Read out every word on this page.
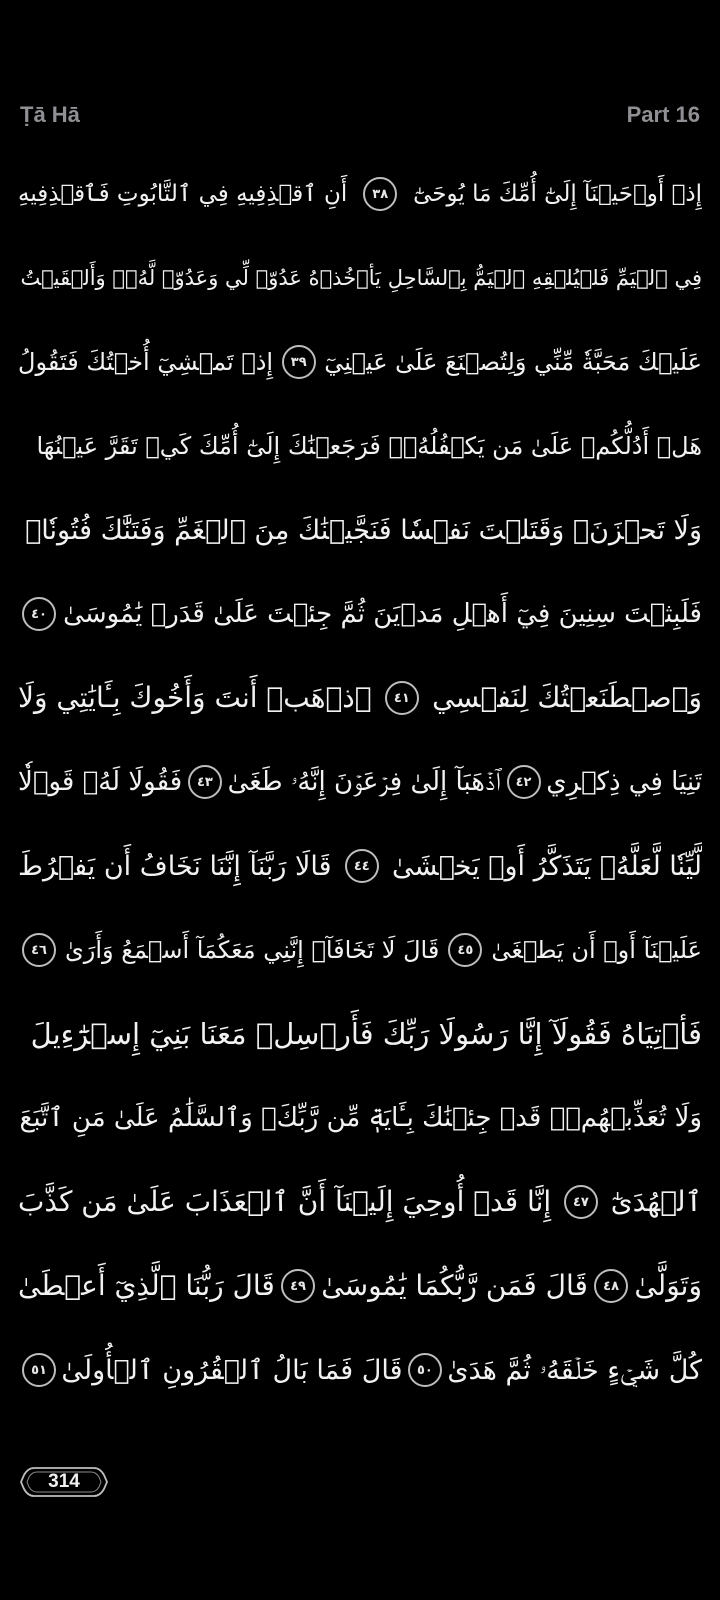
Ṭā Hā	Part 16
إِذۡ أَوۡحَيۡنَآ إِلَىٰٓ أُمِّكَ مَا يُوحَىٰٓ
٣٨
أَنِ ٱقۡذِفِيهِ فِي ٱلتَّابُوتِ فَٱقۡذِفِيهِ
فِي ٱلۡيَمِّ فَلۡيُلۡقِهِ ٱلۡيَمُّ بِٱلسَّاحِلِ يَأۡخُذۡهُ عَدُوّٞ لِّي وَعَدُوّٞ لَّهُۥۚ وَأَلۡقَيۡتُ
عَلَيۡكَ مَحَبَّةٗ مِّنِّي وَلِتُصۡنَعَ عَلَىٰ عَيۡنِيٓ
٣٩
إِذۡ تَمۡشِيٓ أُخۡتُكَ فَتَقُولُ
هَلۡ أَدُلُّكُمۡ عَلَىٰ مَن يَكۡفُلُهُۥۖ فَرَجَعۡنَٰكَ إِلَىٰٓ أُمِّكَ كَيۡ تَقَرَّ عَيۡنُهَا
وَلَا تَحۡزَنَۚ وَقَتَلۡتَ نَفۡسٗا فَنَجَّيۡنَٰكَ مِنَ ٱلۡغَمِّ وَفَتَنَّٰكَ فُتُونٗاۚ
فَلَبِثۡتَ سِنِينَ فِيٓ أَهۡلِ مَدۡيَنَ ثُمَّ جِئۡتَ عَلَىٰ قَدَرٖ يَٰمُوسَىٰ
٤٠
وَٱصۡطَنَعۡتُكَ لِنَفۡسِي
٤١
ٱذۡهَبۡ أَنتَ وَأَخُوكَ بِـَٔايَٰتِي وَلَا
تَنِيَا فِي ذِكۡرِي
٤٢
ٱذۡهَبَآ إِلَىٰ فِرۡعَوۡنَ إِنَّهُۥ طَغَىٰ
٤٣
فَقُولَا لَهُۥ قَوۡلٗا
لَّيِّنٗا لَّعَلَّهُۥ يَتَذَكَّرُ أَوۡ يَخۡشَىٰ
٤٤
قَالَا رَبَّنَآ إِنَّنَا نَخَافُ أَن يَفۡرُطَ
عَلَيۡنَآ أَوۡ أَن يَطۡغَىٰ
٤٥
قَالَ لَا تَخَافَآۖ إِنَّنِي مَعَكُمَآ أَسۡمَعُ وَأَرَىٰ
٤٦
فَأۡتِيَاهُ فَقُولَآ إِنَّا رَسُولَا رَبِّكَ فَأَرۡسِلۡ مَعَنَا بَنِيٓ إِسۡرَٰٓءِيلَ
وَلَا تُعَذِّبۡهُمۡۖ قَدۡ جِئۡنَٰكَ بِـَٔايَةٖ مِّن رَّبِّكَۖ وَٱلسَّلَٰمُ عَلَىٰ مَنِ ٱتَّبَعَ
ٱلۡهُدَىٰٓ
٤٧
إِنَّا قَدۡ أُوحِيَ إِلَيۡنَآ أَنَّ ٱلۡعَذَابَ عَلَىٰ مَن كَذَّبَ
وَتَوَلَّىٰ
٤٨
قَالَ فَمَن رَّبُّكُمَا يَٰمُوسَىٰ
٤٩
قَالَ رَبُّنَا ٱلَّذِيٓ أَعۡطَىٰ
كُلَّ شَيۡءٍ خَلۡقَهُۥ ثُمَّ هَدَىٰ
٥٠
قَالَ فَمَا بَالُ ٱلۡقُرُونِ ٱلۡأُولَىٰ
٥١
314
